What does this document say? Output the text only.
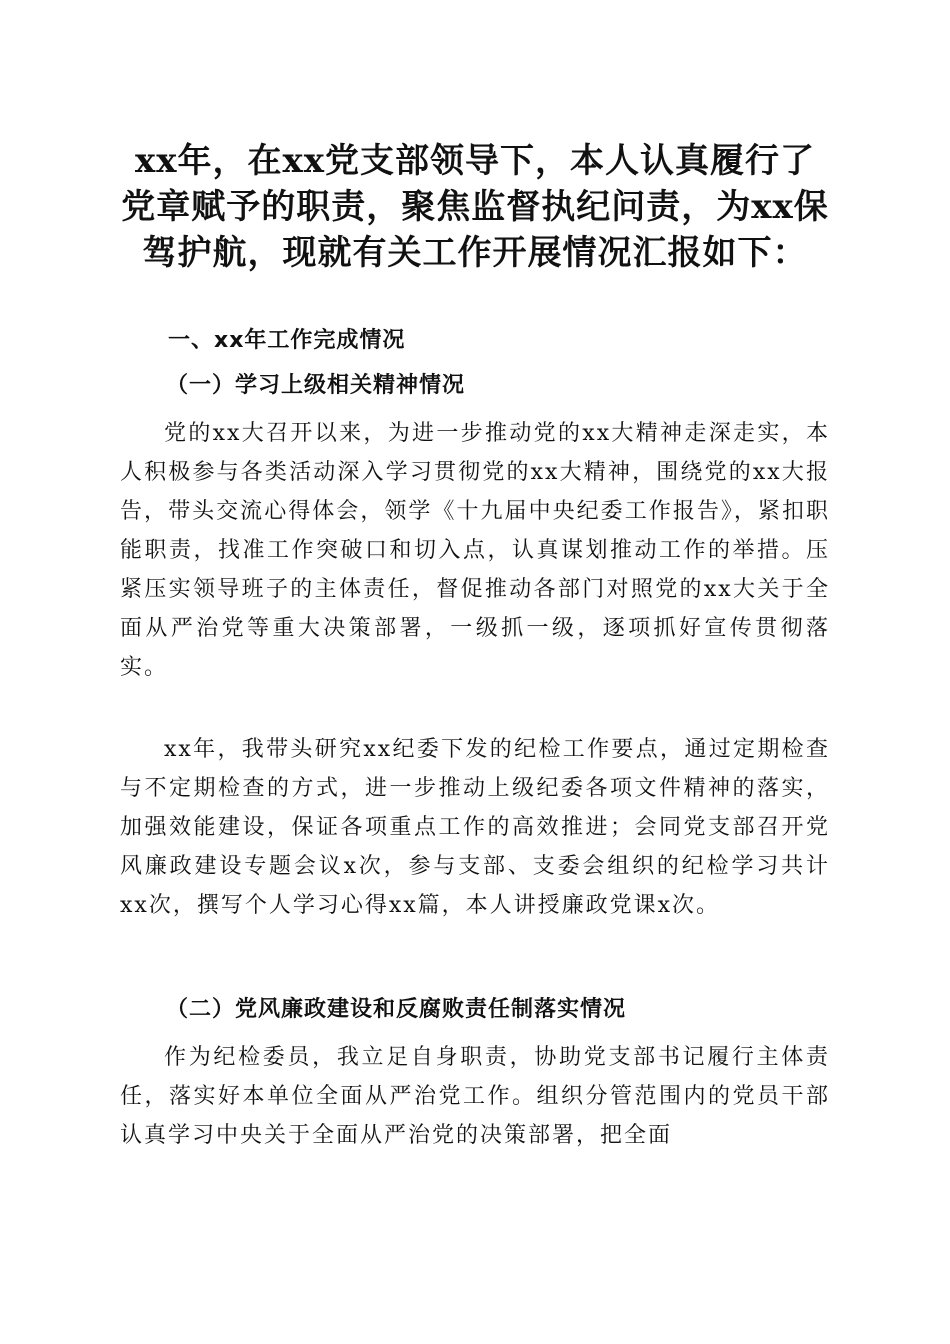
xx年，在xx党支部领导下，本人认真履行了党章赋予的职责，聚焦监督执纪问责，为xx保驾护航，现就有关工作开展情况汇报如下：
一、xx年工作完成情况
（一）学习上级相关精神情况

党的xx大召开以来，为进一步推动党的xx大精神走深走实，本人积极参与各类活动深入学习贯彻党的xx大精神，围绕党的xx大报告，带头交流心得体会，领学《十九届中央纪委工作报告》，紧扣职能职责，找准工作突破口和切入点，认真谋划推动工作的举措。压紧压实领导班子的主体责任，督促推动各部门对照党的xx大关于全面从严治党等重大决策部署，一级抓一级，逐项抓好宣传贯彻落实。

xx年，我带头研究xx纪委下发的纪检工作要点，通过定期检查与不定期检查的方式，进一步推动上级纪委各项文件精神的落实，加强效能建设，保证各项重点工作的高效推进；会同党支部召开党风廉政建设专题会议x次，参与支部、支委会组织的纪检学习共计xx次，撰写个人学习心得xx篇，本人讲授廉政党课x次。

（二）党风廉政建设和反腐败责任制落实情况

作为纪检委员，我立足自身职责，协助党支部书记履行主体责任，落实好本单位全面从严治党工作。组织分管范围内的党员干部认真学习中央关于全面从严治党的决策部署，把全面
